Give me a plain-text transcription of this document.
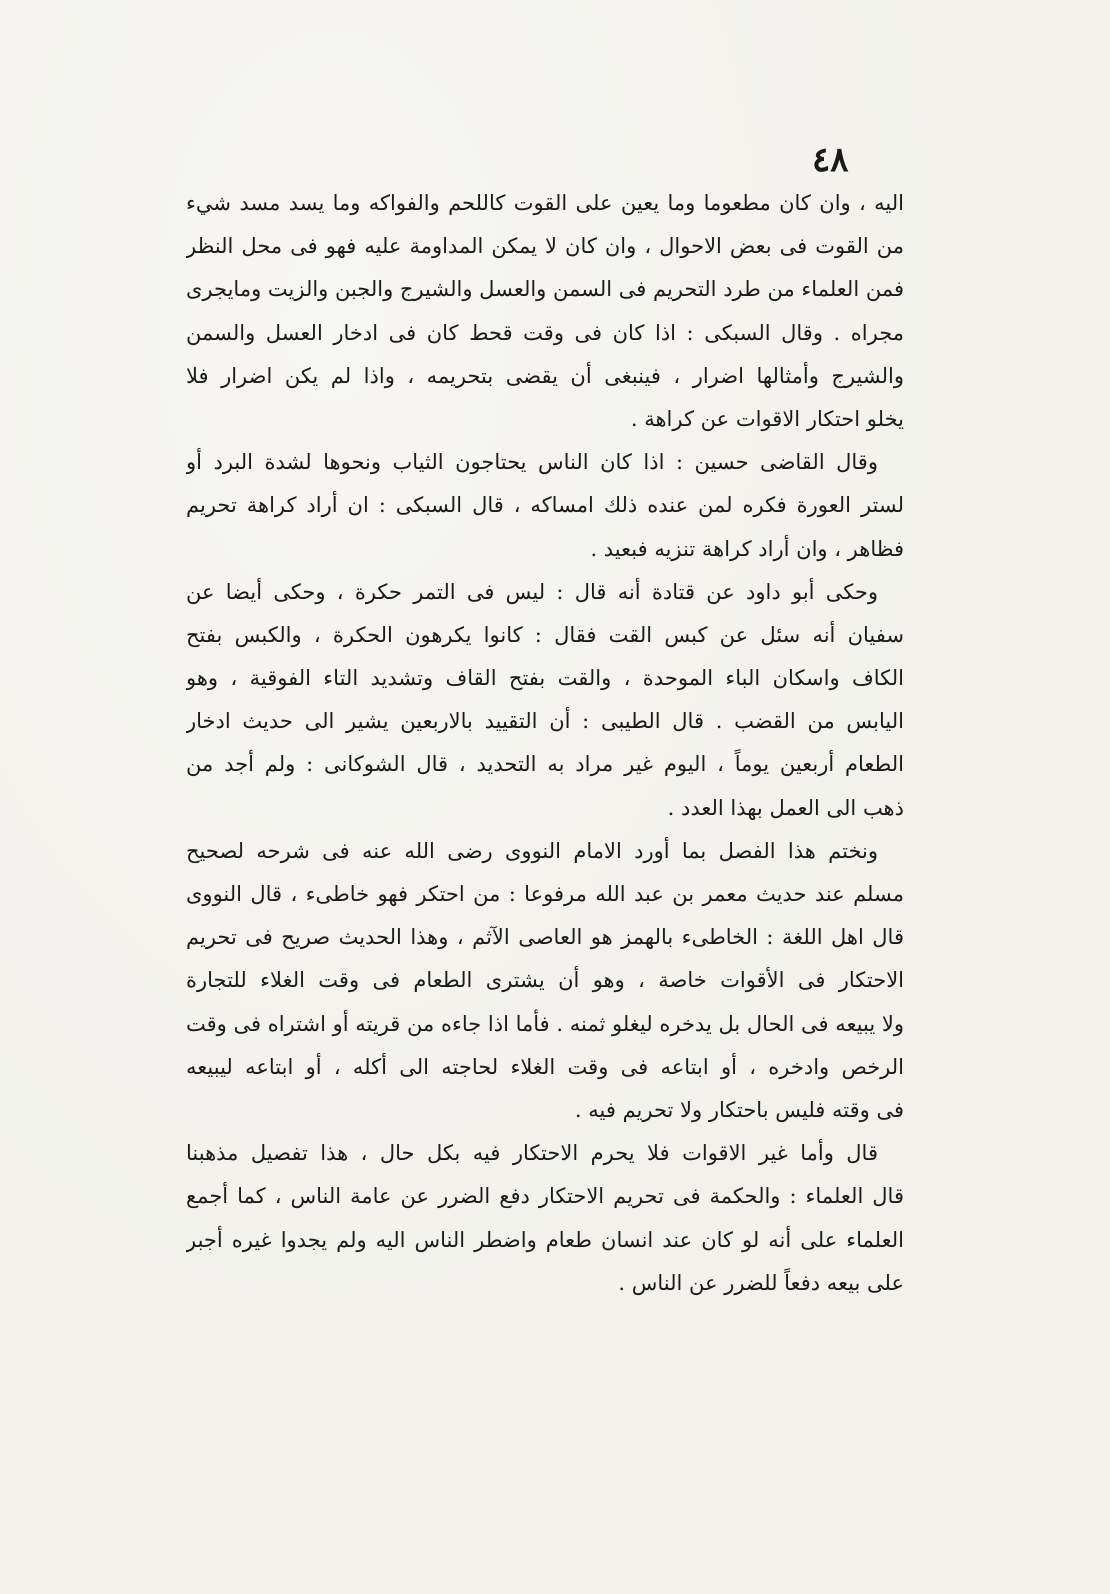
٤٨
اليه ، وان كان مطعوما وما يعين على القوت كاللحم والفواكه وما يسد مسد شيء
من القوت فى بعض الاحوال ، وان كان لا يمكن المداومة عليه فهو فى محل النظر
فمن العلماء من طرد التحريم فى السمن والعسل والشيرج والجبن والزيت ومايجرى
مجراه . وقال السبكى : اذا كان فى وقت قحط كان فى ادخار العسل والسمن
والشيرج وأمثالها اضرار ، فينبغى أن يقضى بتحريمه ، واذا لم يكن اضرار فلا
يخلو احتكار الاقوات عن كراهة .
وقال القاضى حسين : اذا كان الناس يحتاجون الثياب ونحوها لشدة البرد أو
لستر العورة فكره لمن عنده ذلك امساكه ، قال السبكى : ان أراد كراهة تحريم
فظاهر ، وان أراد كراهة تنزيه فبعيد .
وحكى أبو داود عن قتادة أنه قال : ليس فى التمر حكرة ، وحكى أيضا عن
سفيان أنه سئل عن كبس القت فقال : كانوا يكرهون الحكرة ، والكبس بفتح
الكاف واسكان الباء الموحدة ، والقت بفتح القاف وتشديد التاء الفوقية ، وهو
اليابس من القضب . قال الطيبى : أن التقييد بالاربعين يشير الى حديث ادخار
الطعام أربعين يوماً ، اليوم غير مراد به التحديد ، قال الشوكانى : ولم أجد من
ذهب الى العمل بهذا العدد .
ونختم هذا الفصل بما أورد الامام النووى رضى الله عنه فى شرحه لصحيح
مسلم عند حديث معمر بن عبد الله مرفوعا : من احتكر فهو خاطىء ، قال النووى
قال اهل اللغة : الخاطىء بالهمز هو العاصى الآثم ، وهذا الحديث صريح فى تحريم
الاحتكار فى الأقوات خاصة ، وهو أن يشترى الطعام فى وقت الغلاء للتجارة
ولا يبيعه فى الحال بل يدخره ليغلو ثمنه . فأما اذا جاءه من قريته أو اشتراه فى وقت
الرخص وادخره ، أو ابتاعه فى وقت الغلاء لحاجته الى أكله ، أو ابتاعه ليبيعه
فى وقته فليس باحتكار ولا تحريم فيه .
قال وأما غير الاقوات فلا يحرم الاحتكار فيه بكل حال ، هذا تفصيل مذهبنا
قال العلماء : والحكمة فى تحريم الاحتكار دفع الضرر عن عامة الناس ، كما أجمع
العلماء على أنه لو كان عند انسان طعام واضطر الناس اليه ولم يجدوا غيره أجبر
على بيعه دفعاً للضرر عن الناس .
